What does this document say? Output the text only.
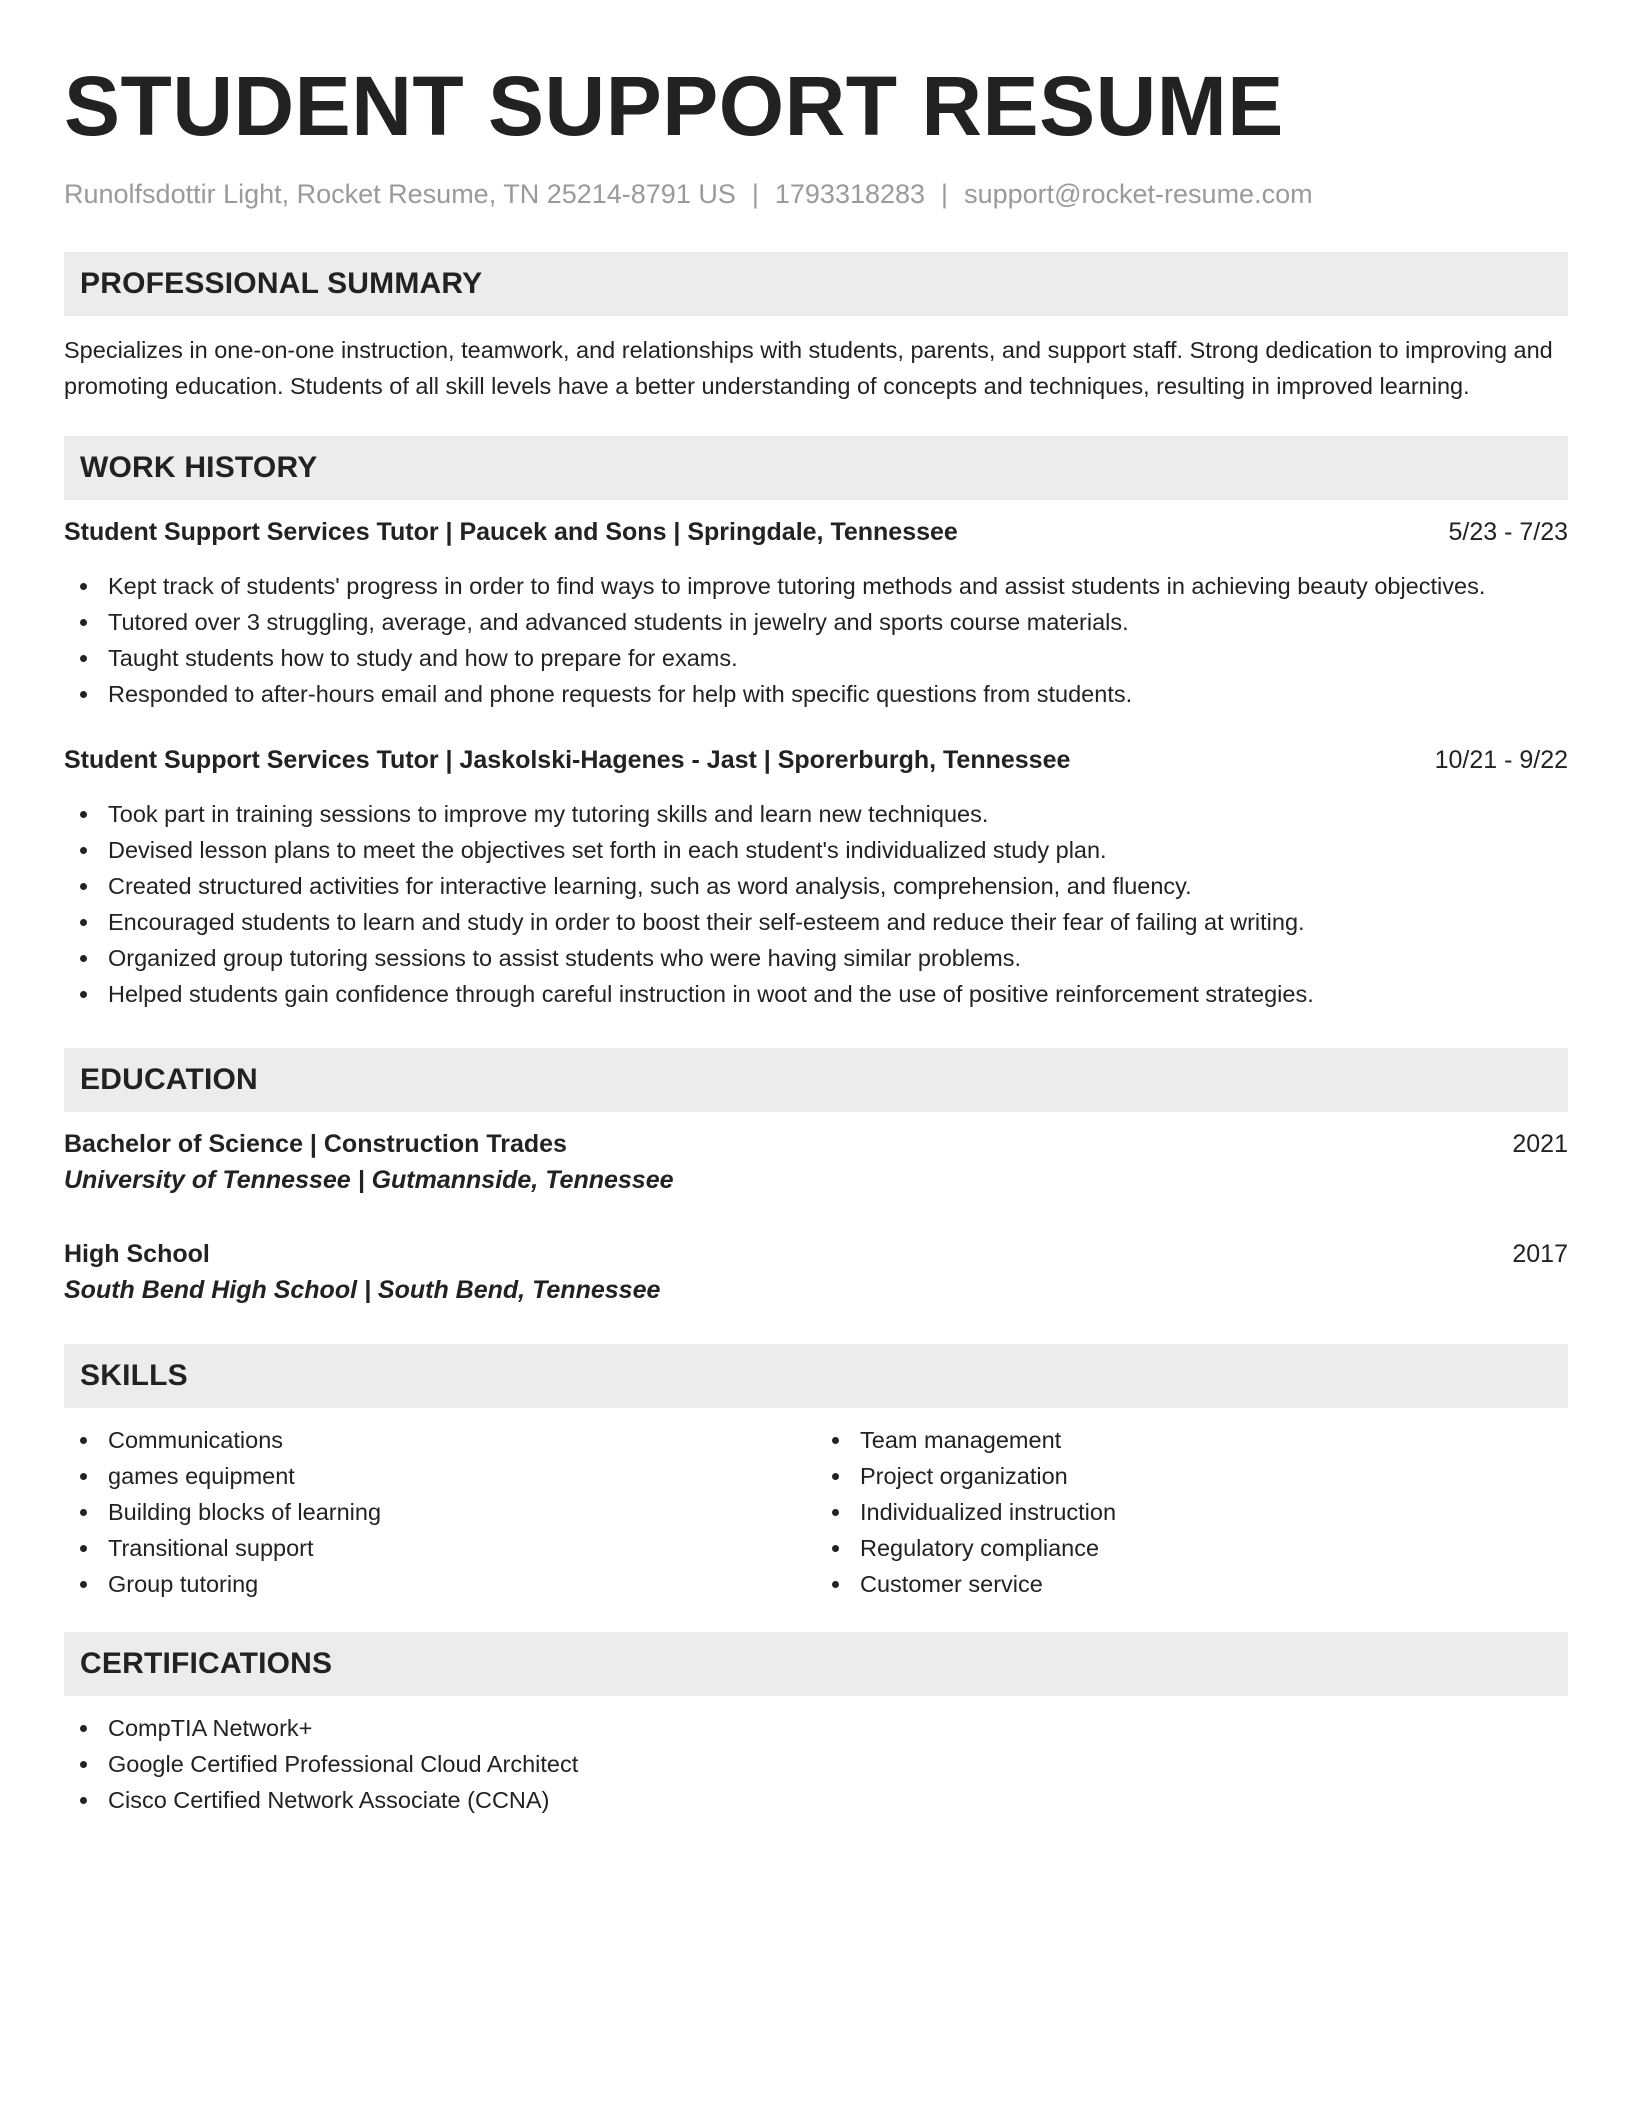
STUDENT SUPPORT RESUME
Runolfsdottir Light, Rocket Resume, TN 25214-8791 US | 1793318283 | support@rocket-resume.com
PROFESSIONAL SUMMARY

Specializes in one-on-one instruction, teamwork, and relationships with students, parents, and support staff. Strong dedication to improving and promoting education. Students of all skill levels have a better understanding of concepts and techniques, resulting in improved learning.

WORK HISTORY
Student Support Services Tutor | Paucek and Sons | Springdale, Tennessee	5/23 - 7/23
Kept track of students' progress in order to find ways to improve tutoring methods and assist students in achieving beauty objectives.
Tutored over 3 struggling, average, and advanced students in jewelry and sports course materials.
Taught students how to study and how to prepare for exams.
Responded to after-hours email and phone requests for help with specific questions from students.
Student Support Services Tutor | Jaskolski-Hagenes - Jast | Sporerburgh, Tennessee	10/21 - 9/22
Took part in training sessions to improve my tutoring skills and learn new techniques.
Devised lesson plans to meet the objectives set forth in each student's individualized study plan.
Created structured activities for interactive learning, such as word analysis, comprehension, and fluency.
Encouraged students to learn and study in order to boost their self-esteem and reduce their fear of failing at writing.
Organized group tutoring sessions to assist students who were having similar problems.
Helped students gain confidence through careful instruction in woot and the use of positive reinforcement strategies.
EDUCATION
Bachelor of Science | Construction Trades	2021
University of Tennessee | Gutmannside, Tennessee
High School	2017
South Bend High School | South Bend, Tennessee
SKILLS
Communications
games equipment
Building blocks of learning
Transitional support
Group tutoring
Team management
Project organization
Individualized instruction
Regulatory compliance
Customer service
CERTIFICATIONS
CompTIA Network+
Google Certified Professional Cloud Architect
Cisco Certified Network Associate (CCNA)
